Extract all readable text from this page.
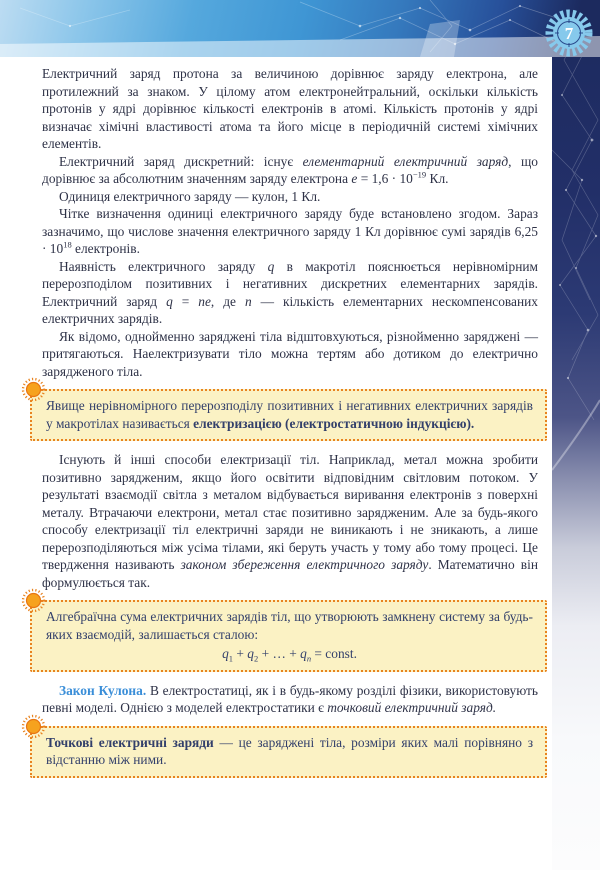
7

Електричний заряд протона за величиною дорівнює заряду електрона, але протилежний за знаком. У цілому атом електронейтральний, оскільки кількість протонів у ядрі дорівнює кількості електронів в атомі. Кількість протонів у ядрі визначає хімічні властивості атома та його місце в періодичній системі хімічних елементів.

Електричний заряд дискретний: існує елементарний електричний заряд, що дорівнює за абсолютним значенням заряду електрона $e = 1,6 \cdot 10^{-19}$ Кл.

Одиниця електричного заряду — кулон, 1 Кл.

Чітке визначення одиниці електричного заряду буде встановлено згодом. Зараз зазначимо, що числове значення електричного заряду 1 Кл дорівнює сумі зарядів $6,25 \cdot 10^{18}$ електронів.

Наявність електричного заряду q в макротіл пояснюється нерівномірним перерозподілом позитивних і негативних дискретних елементарних зарядів. Електричний заряд q = ne, де n — кількість елементарних нескомпенсованих електричних зарядів.

Як відомо, однойменно заряджені тіла відштовхуються, різнойменно заряджені — притягаються. Наелектризувати тіло можна тертям або дотиком до електрично зарядженого тіла.

Явище нерівномірного перерозподілу позитивних і негативних електричних зарядів у макротілах називається електризацією (електростатичною індукцією).

Існують й інші способи електризації тіл. Наприклад, метал можна зробити позитивно зарядженим, якщо його освітити відповідним світловим потоком. У результаті взаємодії світла з металом відбувається виривання електронів з поверхні металу. Втрачаючи електрони, метал стає позитивно зарядженим. Але за будь-якого способу електризації тіл електричні заряди не виникають і не зникають, а лише перерозподіляються між усіма тілами, які беруть участь у тому або тому процесі. Це твердження називають законом збереження електричного заряду. Математично він формулюється так.

Алгебраїчна сума електричних зарядів тіл, що утворюють замкнену систему за будь-яких взаємодій, залишається сталою:
$q_1 + q_2$ + … + $q_n$ = const.

Закон Кулона. В електростатиці, як і в будь-якому розділі фізики, використовують певні моделі. Однією з моделей електростатики є точковий електричний заряд.

Точкові електричні заряди — це заряджені тіла, розміри яких малі порівняно з відстанню між ними.
